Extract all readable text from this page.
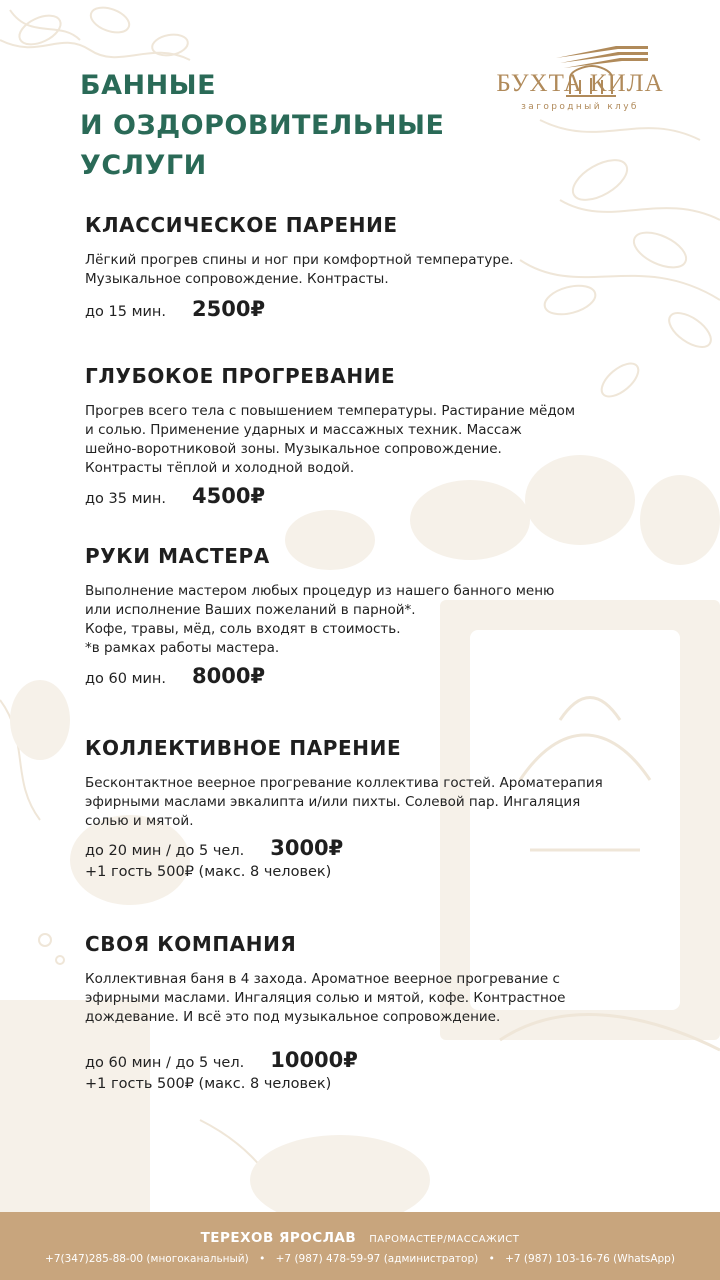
БАННЫЕ
И ОЗДОРОВИТЕЛЬНЫЕ
УСЛУГИ
БУХТА КИЛА
загородный клуб
КЛАССИЧЕСКОЕ ПАРЕНИЕ
Лёгкий прогрев спины и ног при комфортной температуре.
Музыкальное сопровождение. Контрасты.
до 15 мин. 2500₽
ГЛУБОКОЕ ПРОГРЕВАНИЕ
Прогрев всего тела с повышением температуры. Растирание мёдом
и солью. Применение ударных и массажных техник. Массаж
шейно-воротниковой зоны. Музыкальное сопровождение.
Контрасты тёплой и холодной водой.
до 35 мин. 4500₽
РУКИ МАСТЕРА
Выполнение мастером любых процедур из нашего банного меню
или исполнение Ваших пожеланий в парной*.
Кофе, травы, мёд, соль входят в стоимость.
*в рамках работы мастера.
до 60 мин. 8000₽
КОЛЛЕКТИВНОЕ ПАРЕНИЕ
Бесконтактное веерное прогревание коллектива гостей. Ароматерапия
эфирными маслами эвкалипта и/или пихты. Солевой пар. Ингаляция
солью и мятой.
до 20 мин / до 5 чел. 3000₽
+1 гость 500₽ (макс. 8 человек)
СВОЯ КОМПАНИЯ
Коллективная баня в 4 захода. Ароматное веерное прогревание с
эфирными маслами. Ингаляция солью и мятой, кофе. Контрастное
дождевание. И всё это под музыкальное сопровождение.
до 60 мин / до 5 чел. 10000₽
+1 гость 500₽ (макс. 8 человек)
ТЕРЕХОВ ЯРОСЛАВ ПАРОМАСТЕР/МАССАЖИСТ
+7(347)285-88-00 (многоканальный) • +7 (987) 478-59-97 (администратор) • +7 (987) 103-16-76 (WhatsApp)
